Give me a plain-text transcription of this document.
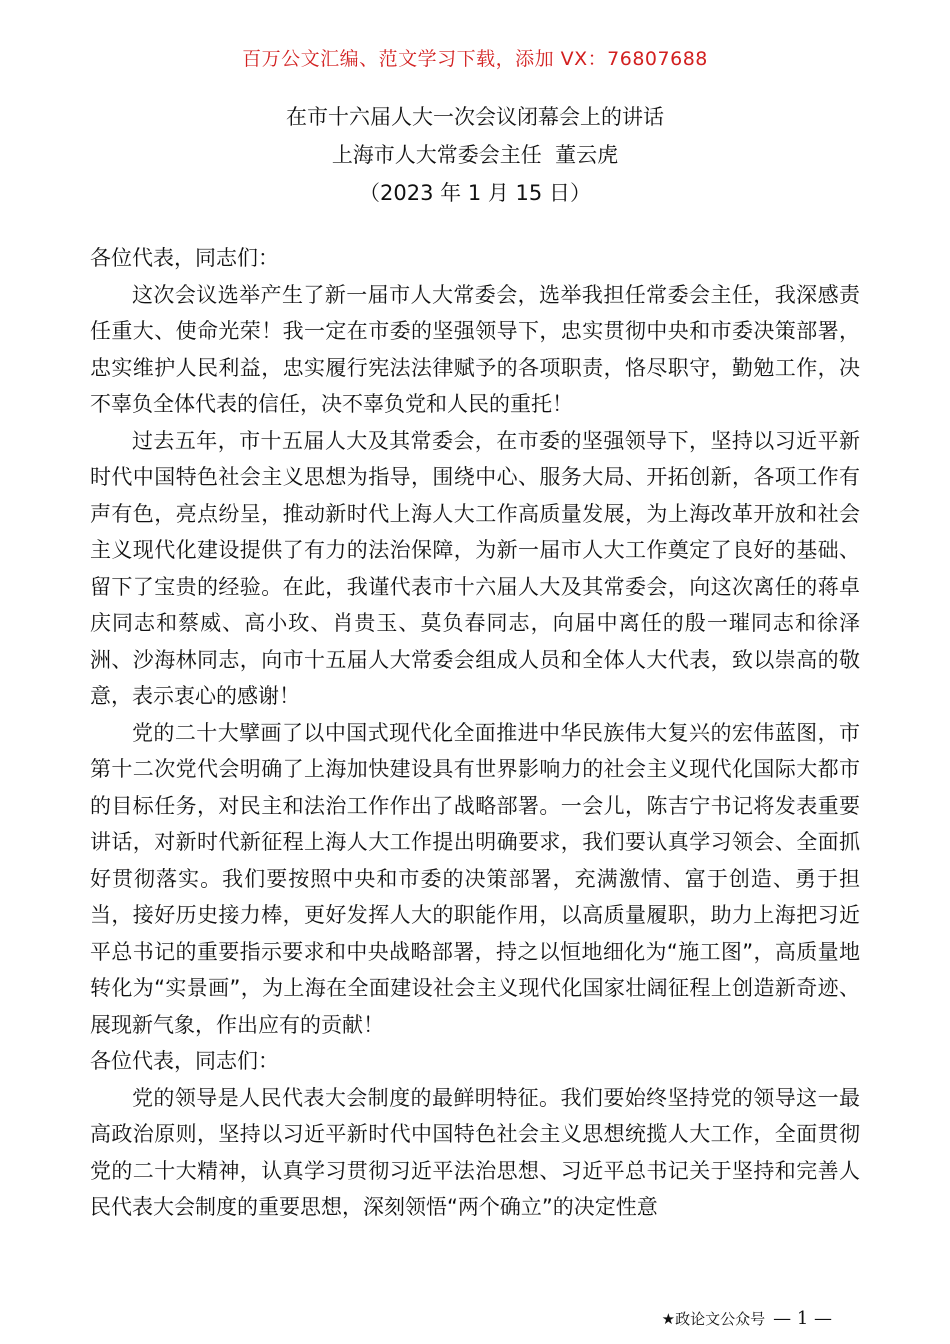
百万公文汇编、范文学习下载，添加 VX：76807688
在市十六届人大一次会议闭幕会上的讲话
上海市人大常委会主任  董云虎
（2023 年 1 月 15 日）

各位代表，同志们：

这次会议选举产生了新一届市人大常委会，选举我担任常委会主任，我深感责任重大、使命光荣！我一定在市委的坚强领导下，忠实贯彻中央和市委决策部署，忠实维护人民利益，忠实履行宪法法律赋予的各项职责，恪尽职守，勤勉工作，决不辜负全体代表的信任，决不辜负党和人民的重托！

过去五年，市十五届人大及其常委会，在市委的坚强领导下，坚持以习近平新时代中国特色社会主义思想为指导，围绕中心、服务大局、开拓创新，各项工作有声有色，亮点纷呈，推动新时代上海人大工作高质量发展，为上海改革开放和社会主义现代化建设提供了有力的法治保障，为新一届市人大工作奠定了良好的基础、留下了宝贵的经验。在此，我谨代表市十六届人大及其常委会，向这次离任的蒋卓庆同志和蔡威、高小玫、肖贵玉、莫负春同志，向届中离任的殷一璀同志和徐泽洲、沙海林同志，向市十五届人大常委会组成人员和全体人大代表，致以崇高的敬意，表示衷心的感谢！

党的二十大擘画了以中国式现代化全面推进中华民族伟大复兴的宏伟蓝图，市第十二次党代会明确了上海加快建设具有世界影响力的社会主义现代化国际大都市的目标任务，对民主和法治工作作出了战略部署。一会儿，陈吉宁书记将发表重要讲话，对新时代新征程上海人大工作提出明确要求，我们要认真学习领会、全面抓好贯彻落实。我们要按照中央和市委的决策部署，充满激情、富于创造、勇于担当，接好历史接力棒，更好发挥人大的职能作用，以高质量履职，助力上海把习近平总书记的重要指示要求和中央战略部署，持之以恒地细化为“施工图”，高质量地转化为“实景画”，为上海在全面建设社会主义现代化国家壮阔征程上创造新奇迹、展现新气象，作出应有的贡献！

各位代表，同志们：

党的领导是人民代表大会制度的最鲜明特征。我们要始终坚持党的领导这一最高政治原则，坚持以习近平新时代中国特色社会主义思想统揽人大工作，全面贯彻党的二十大精神，认真学习贯彻习近平法治思想、习近平总书记关于坚持和完善人民代表大会制度的重要思想，深刻领悟“两个确立”的决定性意

★政论文公众号 — 1 —
